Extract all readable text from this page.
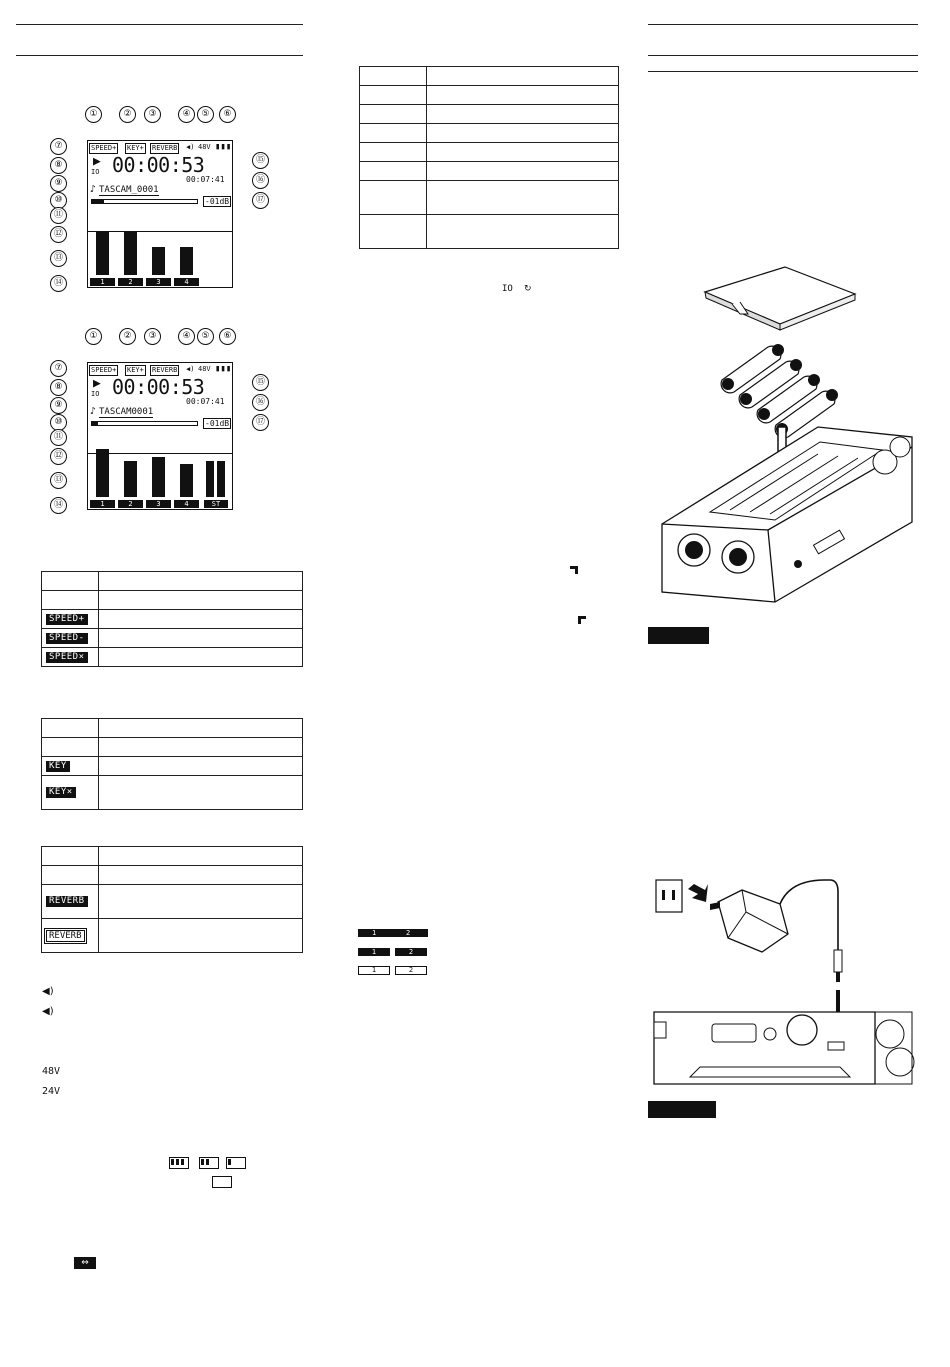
①	②	③	④	⑤	⑥
⑦
⑧
⑨
⑩
⑪
⑫
⑬
⑭
⑮
⑯
⑰
SPEED+ KEY+ REVERB ◀) 48V ▮▮▮
▶
IO 00:00:53
00:07:41
♪ TASCAM_0001
-01dB
1	2	3	4
①	②	③	④	⑤	⑥
⑦
⑧
⑨
⑩
⑪
⑫
⑬
⑭
⑮
⑯
⑰
SPEED+ KEY+ REVERB ◀) 48V ▮▮▮
▶
IO 00:00:53
00:07:41
♪ TASCAM0001
-01dB
1	2	3	4	ST

SPEED+	
SPEED-	
SPEED×	

KEY	
KEY×	

REVERB	
REVERB	
◀)
◀)
48V
24V
⇔

IO ↻
1	2
1	2
1	2
